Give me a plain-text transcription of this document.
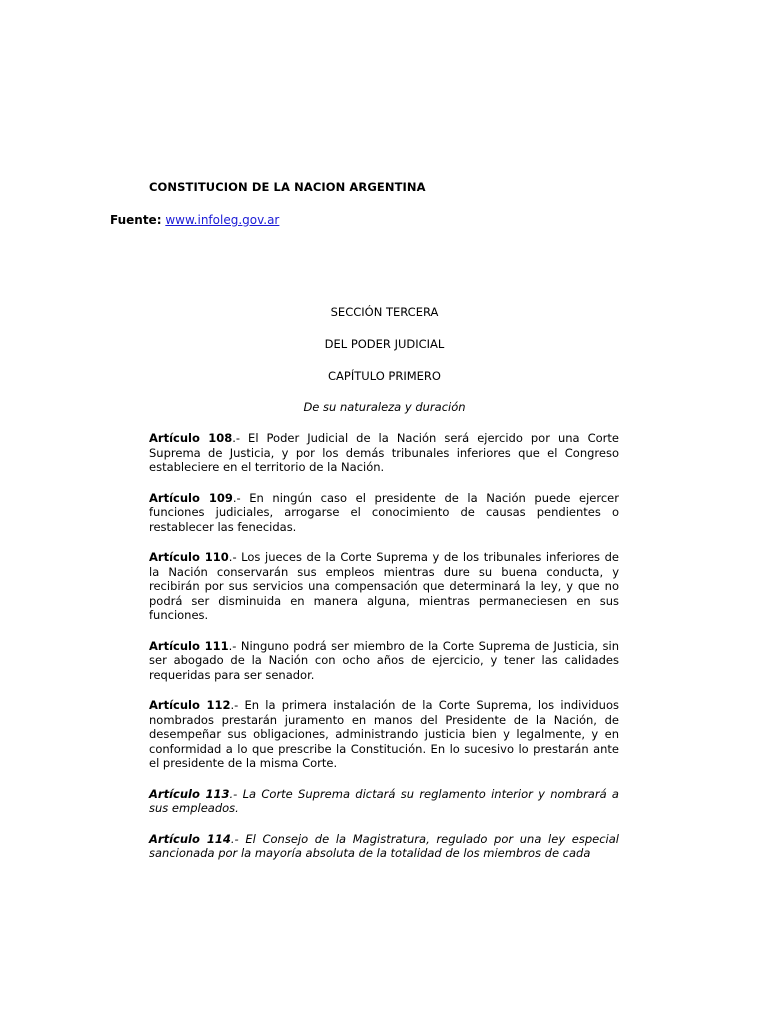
CONSTITUCION DE LA NACION ARGENTINA
Fuente: www.infoleg.gov.ar
SECCIÓN TERCERA
DEL PODER JUDICIAL
CAPÍTULO PRIMERO
De su naturaleza y duración

Artículo 108.- El Poder Judicial de la Nación será ejercido por una Corte Suprema de Justicia, y por los demás tribunales inferiores que el Congreso estableciere en el territorio de la Nación.

Artículo 109.- En ningún caso el presidente de la Nación puede ejercer funciones judiciales, arrogarse el conocimiento de causas pendientes o restablecer las fenecidas.

Artículo 110.- Los jueces de la Corte Suprema y de los tribunales inferiores de la Nación conservarán sus empleos mientras dure su buena conducta, y recibirán por sus servicios una compensación que determinará la ley, y que no podrá ser disminuida en manera alguna, mientras permaneciesen en sus funciones.

Artículo 111.- Ninguno podrá ser miembro de la Corte Suprema de Justicia, sin ser abogado de la Nación con ocho años de ejercicio, y tener las calidades requeridas para ser senador.

Artículo 112.- En la primera instalación de la Corte Suprema, los individuos nombrados prestarán juramento en manos del Presidente de la Nación, de desempeñar sus obligaciones, administrando justicia bien y legalmente, y en conformidad a lo que prescribe la Constitución. En lo sucesivo lo prestarán ante el presidente de la misma Corte.

Artículo 113.- La Corte Suprema dictará su reglamento interior y nombrará a sus empleados.

Artículo 114.- El Consejo de la Magistratura, regulado por una ley especial sancionada por la mayoría absoluta de la totalidad de los miembros de cada
